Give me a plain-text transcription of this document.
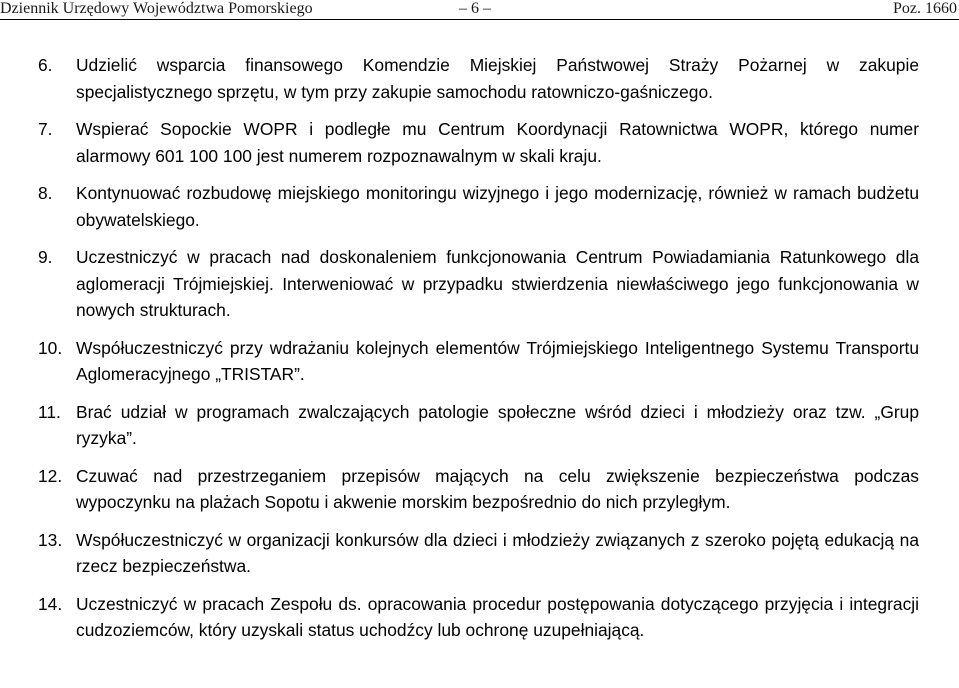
Dziennik Urzędowy Województwa Pomorskiego	– 6 –	Poz. 1660
6. Udzielić wsparcia finansowego Komendzie Miejskiej Państwowej Straży Pożarnej w zakupie specjalistycznego sprzętu, w tym przy zakupie samochodu ratowniczo-gaśniczego.
7. Wspierać Sopockie WOPR i podległe mu Centrum Koordynacji Ratownictwa WOPR, którego numer alarmowy 601 100 100 jest numerem rozpoznawalnym w skali kraju.
8. Kontynuować rozbudowę miejskiego monitoringu wizyjnego i jego modernizację, również w ramach budżetu obywatelskiego.
9. Uczestniczyć w pracach nad doskonaleniem funkcjonowania Centrum Powiadamiania Ratunkowego dla aglomeracji Trójmiejskiej. Interweniować w przypadku stwierdzenia niewłaściwego jego funkcjonowania w nowych strukturach.
10. Współuczestniczyć przy wdrażaniu kolejnych elementów Trójmiejskiego Inteligentnego Systemu Transportu Aglomeracyjnego „TRISTAR”.
11. Brać udział w programach zwalczających patologie społeczne wśród dzieci i młodzieży oraz tzw. „Grup ryzyka”.
12. Czuwać nad przestrzeganiem przepisów mających na celu zwiększenie bezpieczeństwa podczas wypoczynku na plażach Sopotu i akwenie morskim bezpośrednio do nich przyległym.
13. Współuczestniczyć w organizacji konkursów dla dzieci i młodzieży związanych z szeroko pojętą edukacją na rzecz bezpieczeństwa.
14. Uczestniczyć w pracach Zespołu ds. opracowania procedur postępowania dotyczącego przyjęcia i integracji cudzoziemców, który uzyskali status uchodźcy lub ochronę uzupełniającą.
